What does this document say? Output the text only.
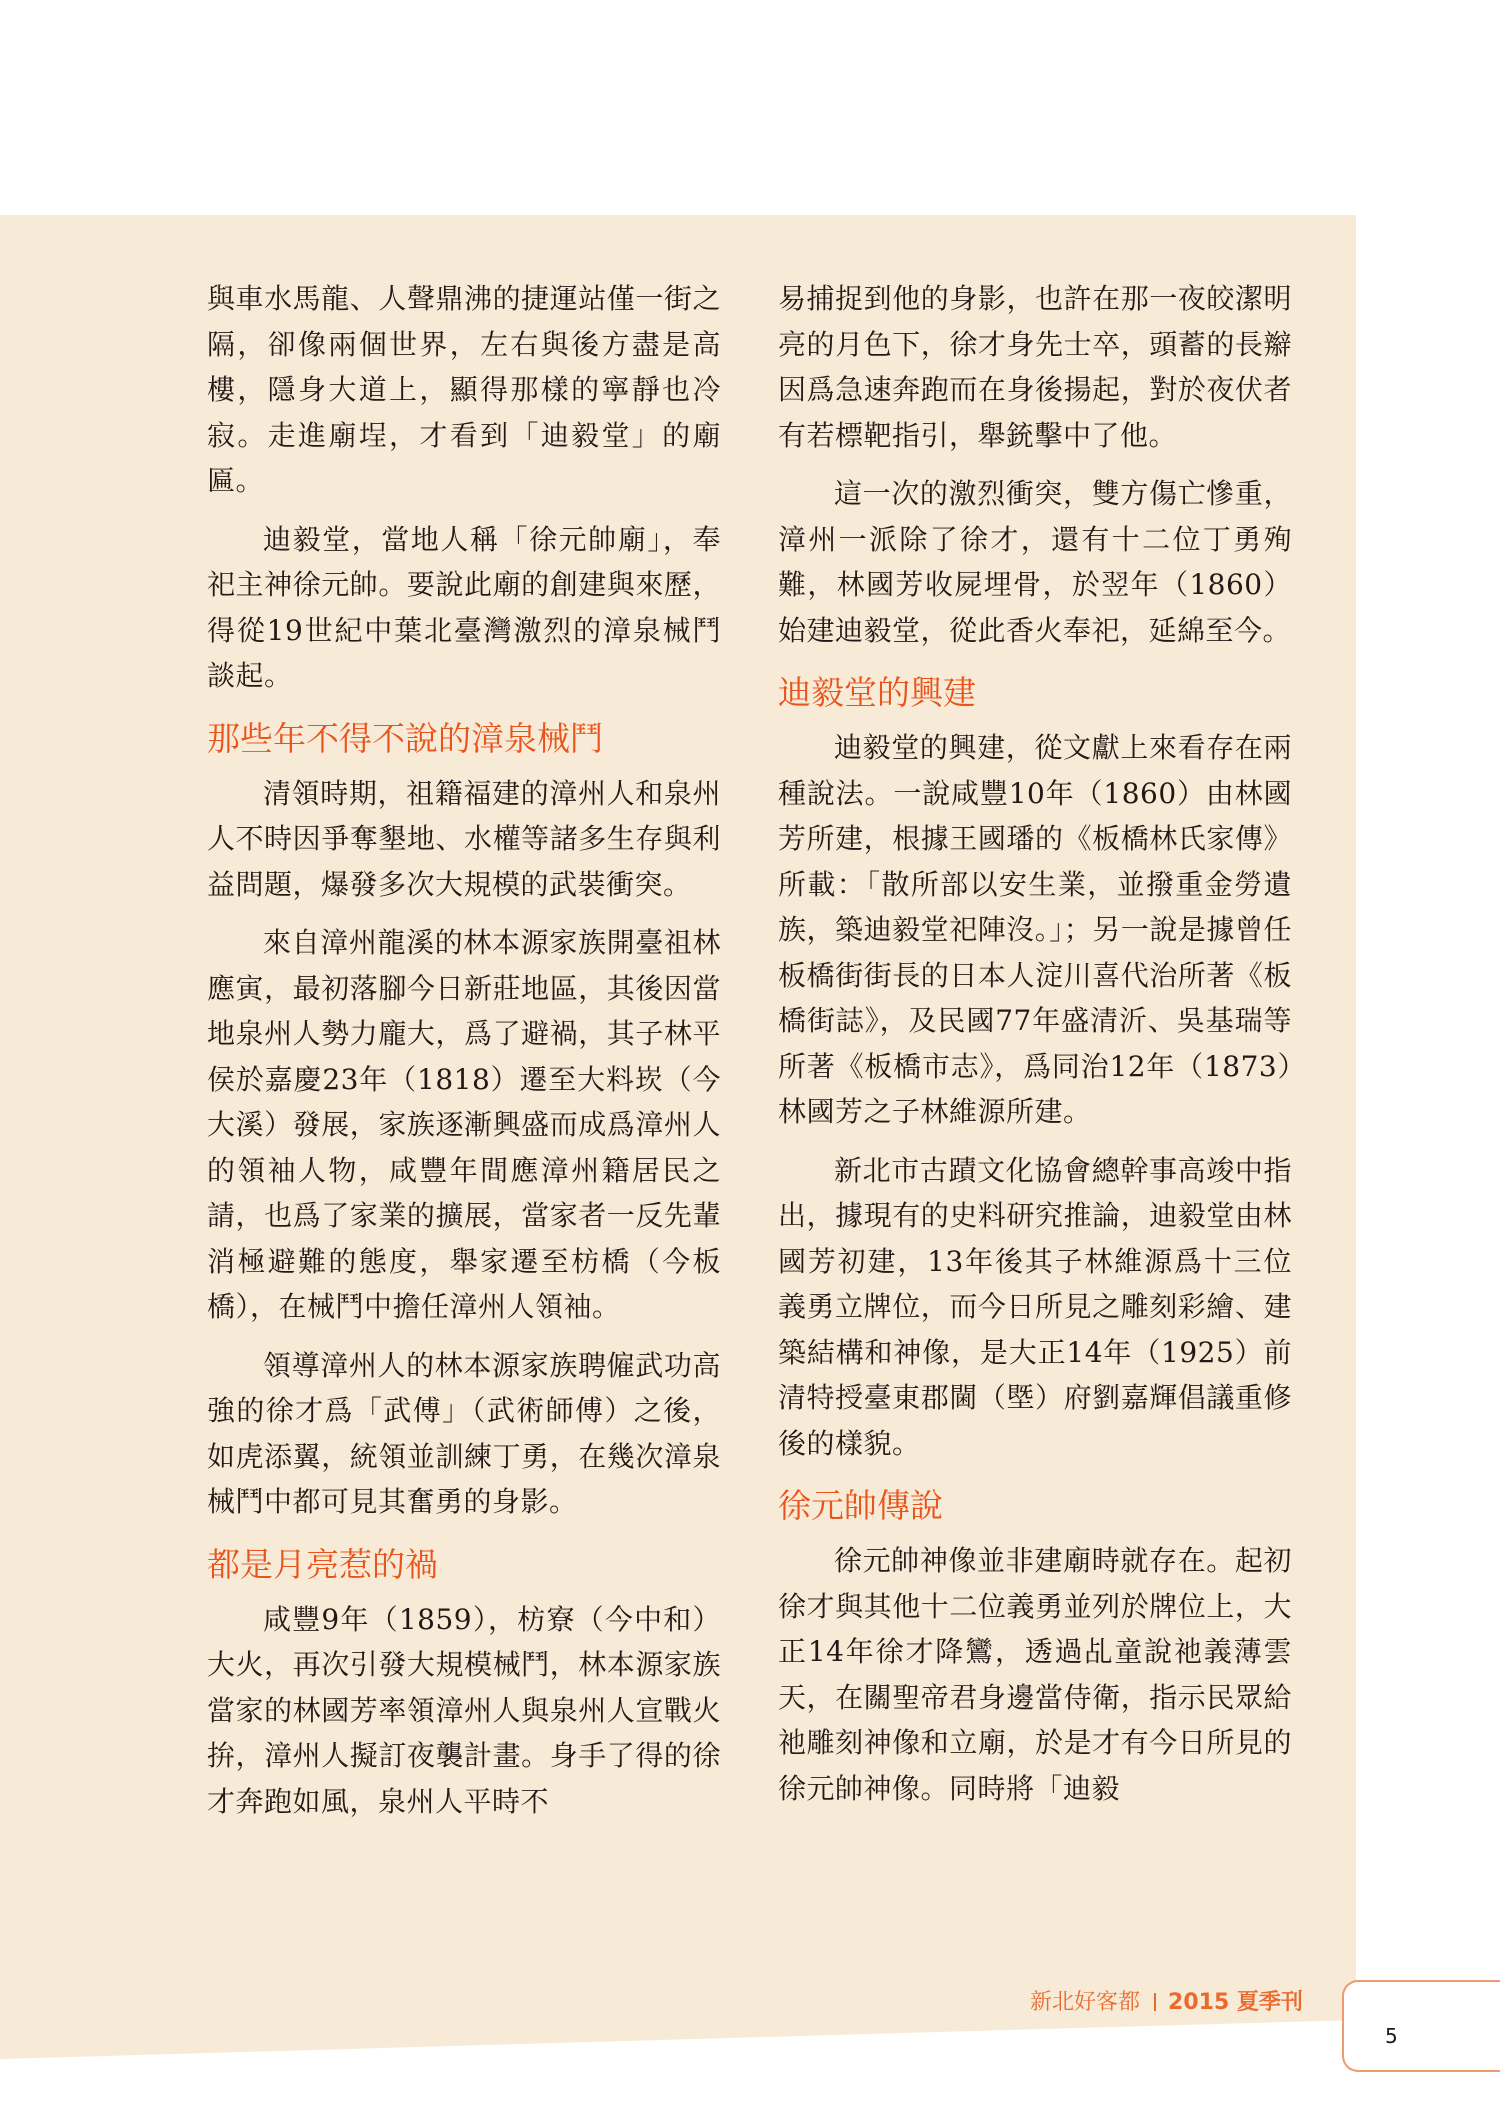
與車水馬龍、人聲鼎沸的捷運站僅一街之隔，卻像兩個世界，左右與後方盡是高樓，隱身大道上，顯得那樣的寧靜也冷寂。走進廟埕，才看到「迪毅堂」的廟匾。

迪毅堂，當地人稱「徐元帥廟」，奉祀主神徐元帥。要說此廟的創建與來歷，得從19世紀中葉北臺灣激烈的漳泉械鬥談起。

那些年不得不說的漳泉械鬥

清領時期，祖籍福建的漳州人和泉州人不時因爭奪墾地、水權等諸多生存與利益問題，爆發多次大規模的武裝衝突。

來自漳州龍溪的林本源家族開臺祖林應寅，最初落腳今日新莊地區，其後因當地泉州人勢力龐大，爲了避禍，其子林平侯於嘉慶23年（1818）遷至大料崁（今大溪）發展，家族逐漸興盛而成爲漳州人的領袖人物，咸豐年間應漳州籍居民之請，也爲了家業的擴展，當家者一反先輩消極避難的態度，舉家遷至枋橋（今板橋），在械鬥中擔任漳州人領袖。

領導漳州人的林本源家族聘僱武功高強的徐才爲「武傅」（武術師傅）之後，如虎添翼，統領並訓練丁勇，在幾次漳泉械鬥中都可見其奮勇的身影。

都是月亮惹的禍

咸豐9年（1859），枋寮（今中和）大火，再次引發大規模械鬥，林本源家族當家的林國芳率領漳州人與泉州人宣戰火拚，漳州人擬訂夜襲計畫。身手了得的徐才奔跑如風，泉州人平時不

易捕捉到他的身影，也許在那一夜皎潔明亮的月色下，徐才身先士卒，頭蓄的長辮因爲急速奔跑而在身後揚起，對於夜伏者有若標靶指引，舉銃擊中了他。

這一次的激烈衝突，雙方傷亡慘重，漳州一派除了徐才，還有十二位丁勇殉難，林國芳收屍埋骨，於翌年（1860）始建迪毅堂，從此香火奉祀，延綿至今。

迪毅堂的興建

迪毅堂的興建，從文獻上來看存在兩種說法。一說咸豐10年（1860）由林國芳所建，根據王國璠的《板橋林氏家傳》所載：「散所部以安生業，並撥重金勞遺族，築迪毅堂祀陣沒。」；另一說是據曾任板橋街街長的日本人淀川喜代治所著《板橋街誌》，及民國77年盛清沂、吳基瑞等所著《板橋市志》，爲同治12年（1873）林國芳之子林維源所建。

新北市古蹟文化協會總幹事高竣中指出，據現有的史料研究推論，迪毅堂由林國芳初建，13年後其子林維源爲十三位義勇立牌位，而今日所見之雕刻彩繪、建築結構和神像，是大正14年（1925）前清特授臺東郡閫（塈）府劉嘉輝倡議重修後的樣貌。

徐元帥傳說

徐元帥神像並非建廟時就存在。起初徐才與其他十二位義勇並列於牌位上，大正14年徐才降鸞，透過乩童說祂義薄雲天，在關聖帝君身邊當侍衛，指示民眾給祂雕刻神像和立廟，於是才有今日所見的徐元帥神像。同時將「迪毅

新北好客都 2015 夏季刊
5
